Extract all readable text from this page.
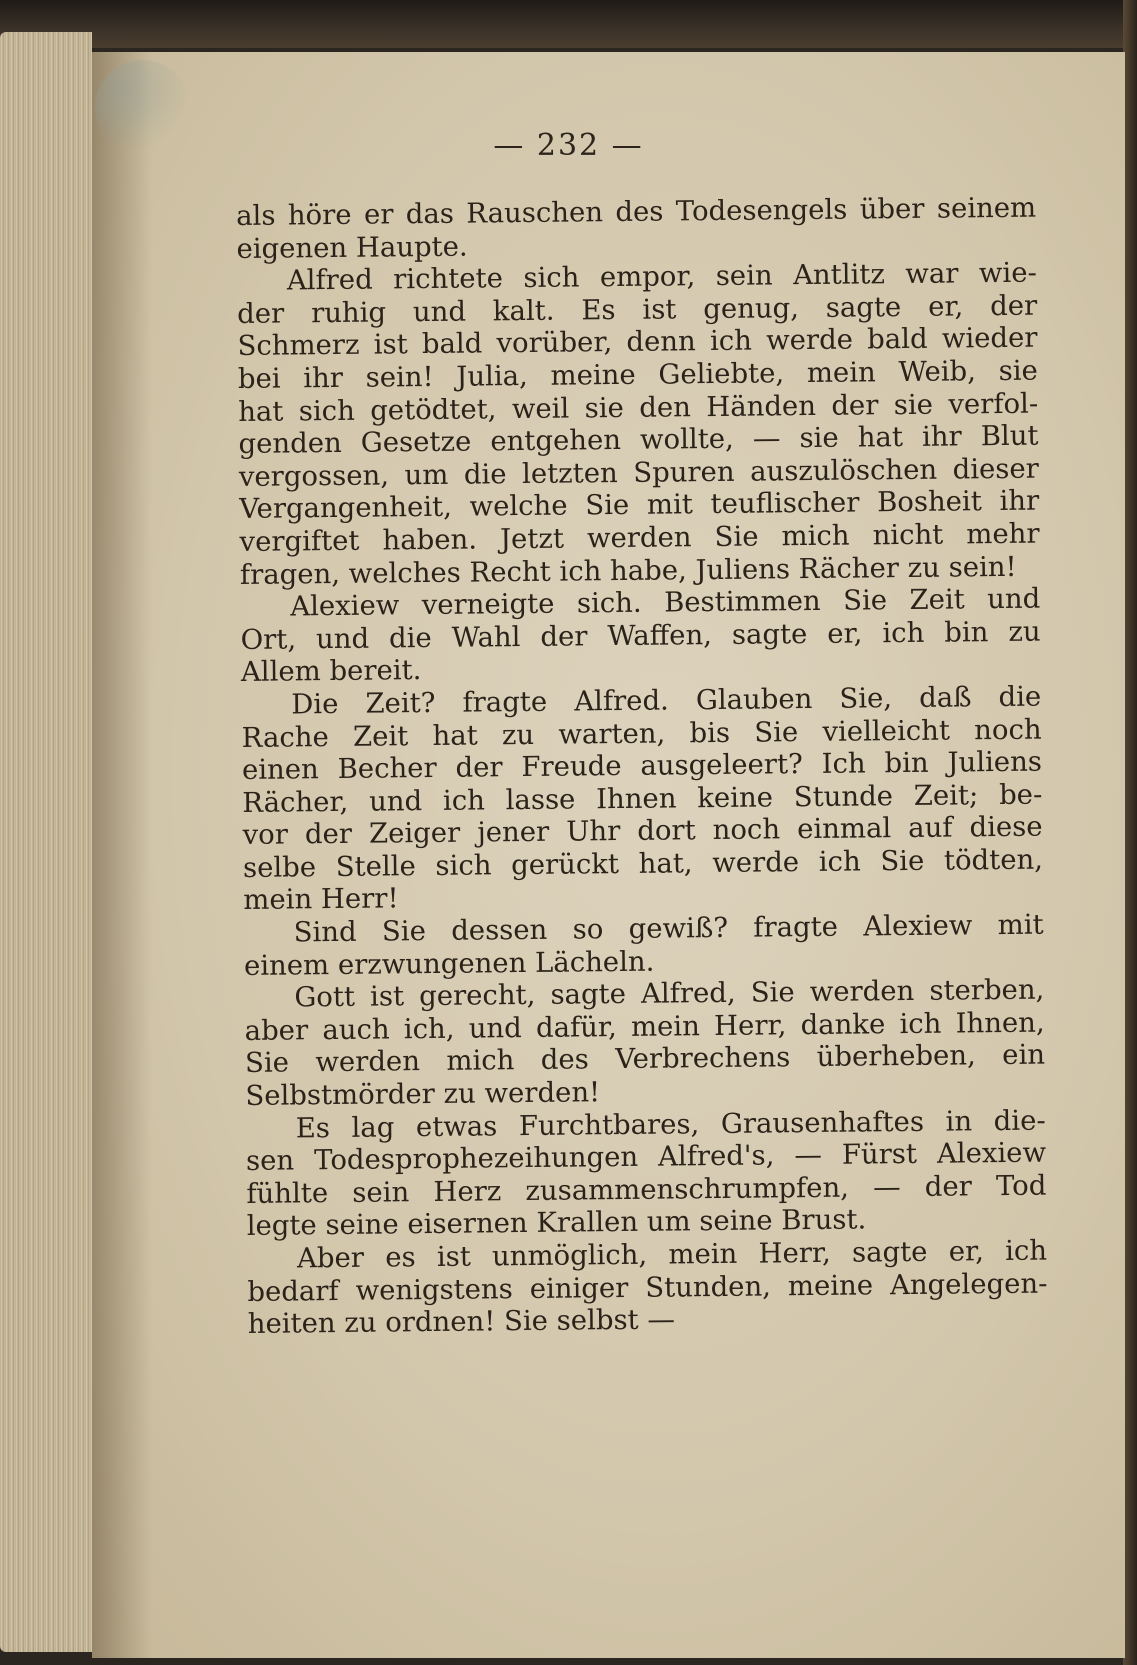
— 232 —
als höre er das Rauschen des Todesengels über seinem
eigenen Haupte.
Alfred richtete sich empor, sein Antlitz war wie-
der ruhig und kalt. Es ist genug, sagte er, der
Schmerz ist bald vorüber, denn ich werde bald wieder
bei ihr sein! Julia, meine Geliebte, mein Weib, sie
hat sich getödtet, weil sie den Händen der sie verfol-
genden Gesetze entgehen wollte, — sie hat ihr Blut
vergossen, um die letzten Spuren auszulöschen dieser
Vergangenheit, welche Sie mit teuflischer Bosheit ihr
vergiftet haben. Jetzt werden Sie mich nicht mehr
fragen, welches Recht ich habe, Juliens Rächer zu sein!
Alexiew verneigte sich. Bestimmen Sie Zeit und
Ort, und die Wahl der Waffen, sagte er, ich bin zu
Allem bereit.
Die Zeit? fragte Alfred. Glauben Sie, daß die
Rache Zeit hat zu warten, bis Sie vielleicht noch
einen Becher der Freude ausgeleert? Ich bin Juliens
Rächer, und ich lasse Ihnen keine Stunde Zeit; be-
vor der Zeiger jener Uhr dort noch einmal auf diese
selbe Stelle sich gerückt hat, werde ich Sie tödten,
mein Herr!
Sind Sie dessen so gewiß? fragte Alexiew mit
einem erzwungenen Lächeln.
Gott ist gerecht, sagte Alfred, Sie werden sterben,
aber auch ich, und dafür, mein Herr, danke ich Ihnen,
Sie werden mich des Verbrechens überheben, ein
Selbstmörder zu werden!
Es lag etwas Furchtbares, Grausenhaftes in die-
sen Todesprophezeihungen Alfred's, — Fürst Alexiew
fühlte sein Herz zusammenschrumpfen, — der Tod
legte seine eisernen Krallen um seine Brust.
Aber es ist unmöglich, mein Herr, sagte er, ich
bedarf wenigstens einiger Stunden, meine Angelegen-
heiten zu ordnen! Sie selbst —
